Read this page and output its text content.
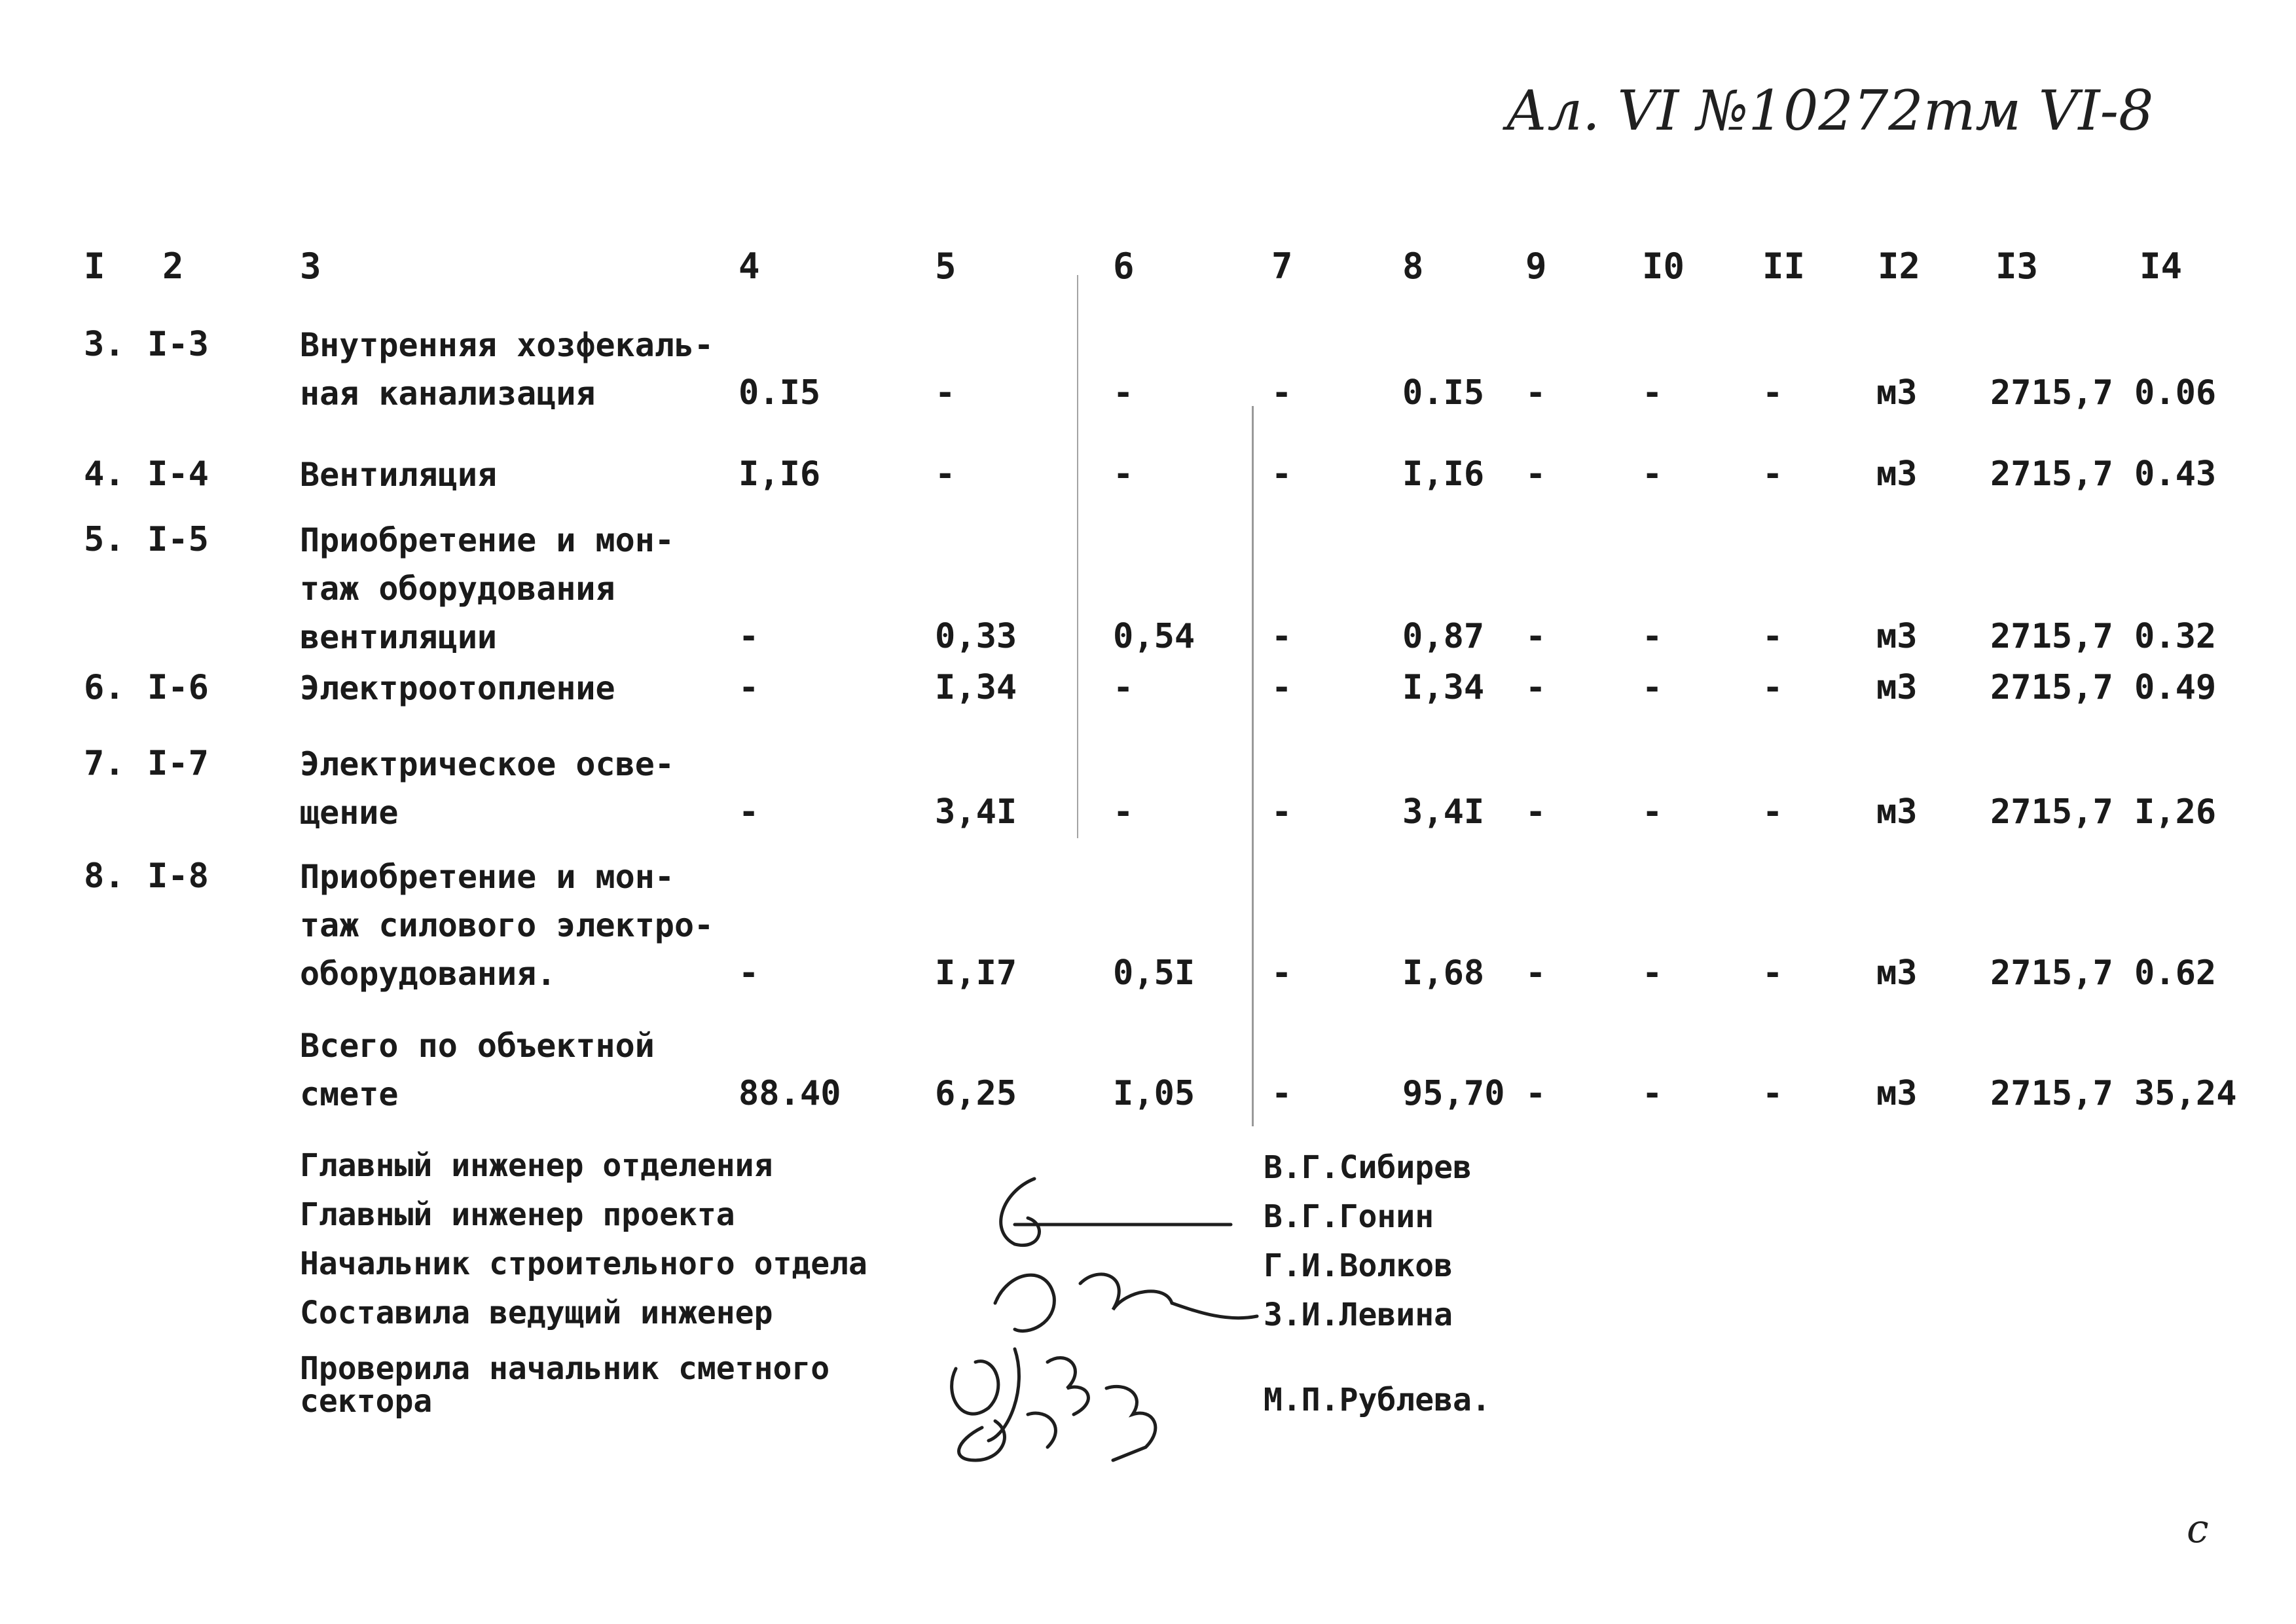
Ал. VI №10272тм VI-8
I 2	3	4	5	6	7	8	9	I0 II I2 I3	I4
3. I-3	Внутренняя хозфекаль-
ная канализация	0.I5	-	-	-	0.I5 -	-	-	м3 2715,7 0.06
4. I-4	Вентиляция	I,I6	-	-	-	I,I6 -	-	-	м3 2715,7 0.43
5. I-5	Приобретение и мон-
таж оборудования
вентиляции	-	0,33	0,54 -	0,87 -	-	-	м3 2715,7 0.32
6. I-6	Электроотопление	-	I,34	-	-	I,34 -	-	-	м3 2715,7 0.49
7. I-7	Электрическое осве-
щение	-	3,4I	-	-	3,4I -	-	-	м3 2715,7 I,26
8. I-8	Приобретение и мон-
таж силового электро-
оборудования.	-	I,I7	0,5I -	I,68 -	-	-	м3 2715,7 0.62
Всего по объектной
смете	88.40	6,25	I,05 -	95,70 -	-	-	м3 2715,7 35,24
Главный инженер отделения	В.Г.Сибирев
Главный инженер проекта	В.Г.Гонин
Начальник строительного отдела	Г.И.Волков
Составила ведущий инженер	З.И.Левина
Проверила начальник сметного
сектора	М.П.Рублева.
с
